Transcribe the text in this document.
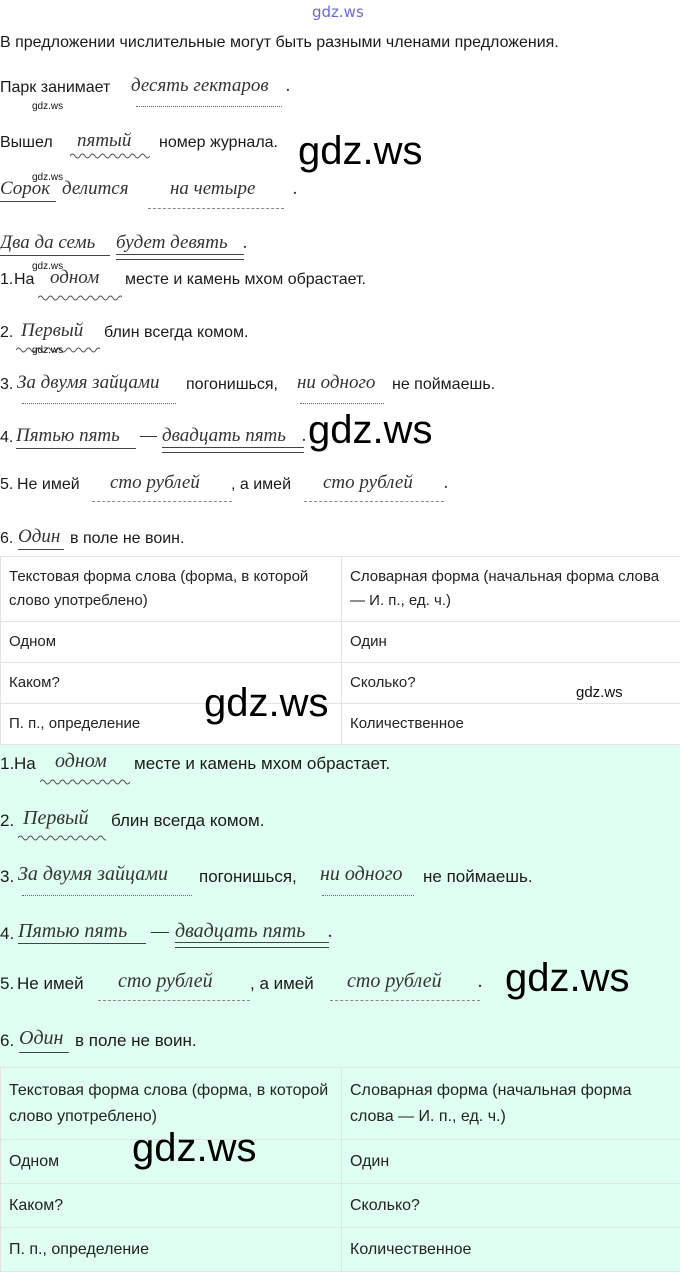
gdz.ws
В предложении числительные могут быть разными членами предложения.
Парк занимает десять гектаров .
gdz.ws
Вышел пятый номер журнала. gdz.ws
gdz.ws
Сорок делится на четыре .
Два да семь будет девять .
gdz.ws
1. На одном месте и камень мхом обрастает.
2. Первый блин всегда комом.
gdz.ws
3. За двумя зайцами погонишься, ни одного не поймаешь.
4. Пятью пять — двадцать пять . gdz.ws
5. Не имей сто рублей , а имей сто рублей .
6. Один в поле не воин.
Текстовая форма слова (форма, в которой слово употреблено)	Словарная форма (начальная форма слова — И. п., ед. ч.)
Одном	Один
Каком?	Сколько?
П. п., определение	Количественное
gdz.ws
gdz.ws
1. На одном месте и камень мхом обрастает.
2. Первый блин всегда комом.
3. За двумя зайцами погонишься, ни одного не поймаешь.
4. Пятью пять — двадцать пять .
5. Не имей сто рублей , а имей сто рублей . gdz.ws
6. Один в поле не воин.
Текстовая форма слова (форма, в которой слово употреблено)	Словарная форма (начальная форма слова — И. п., ед. ч.)
Одном	Один
Каком?	Сколько?
П. п., определение	Количественное
gdz.ws
